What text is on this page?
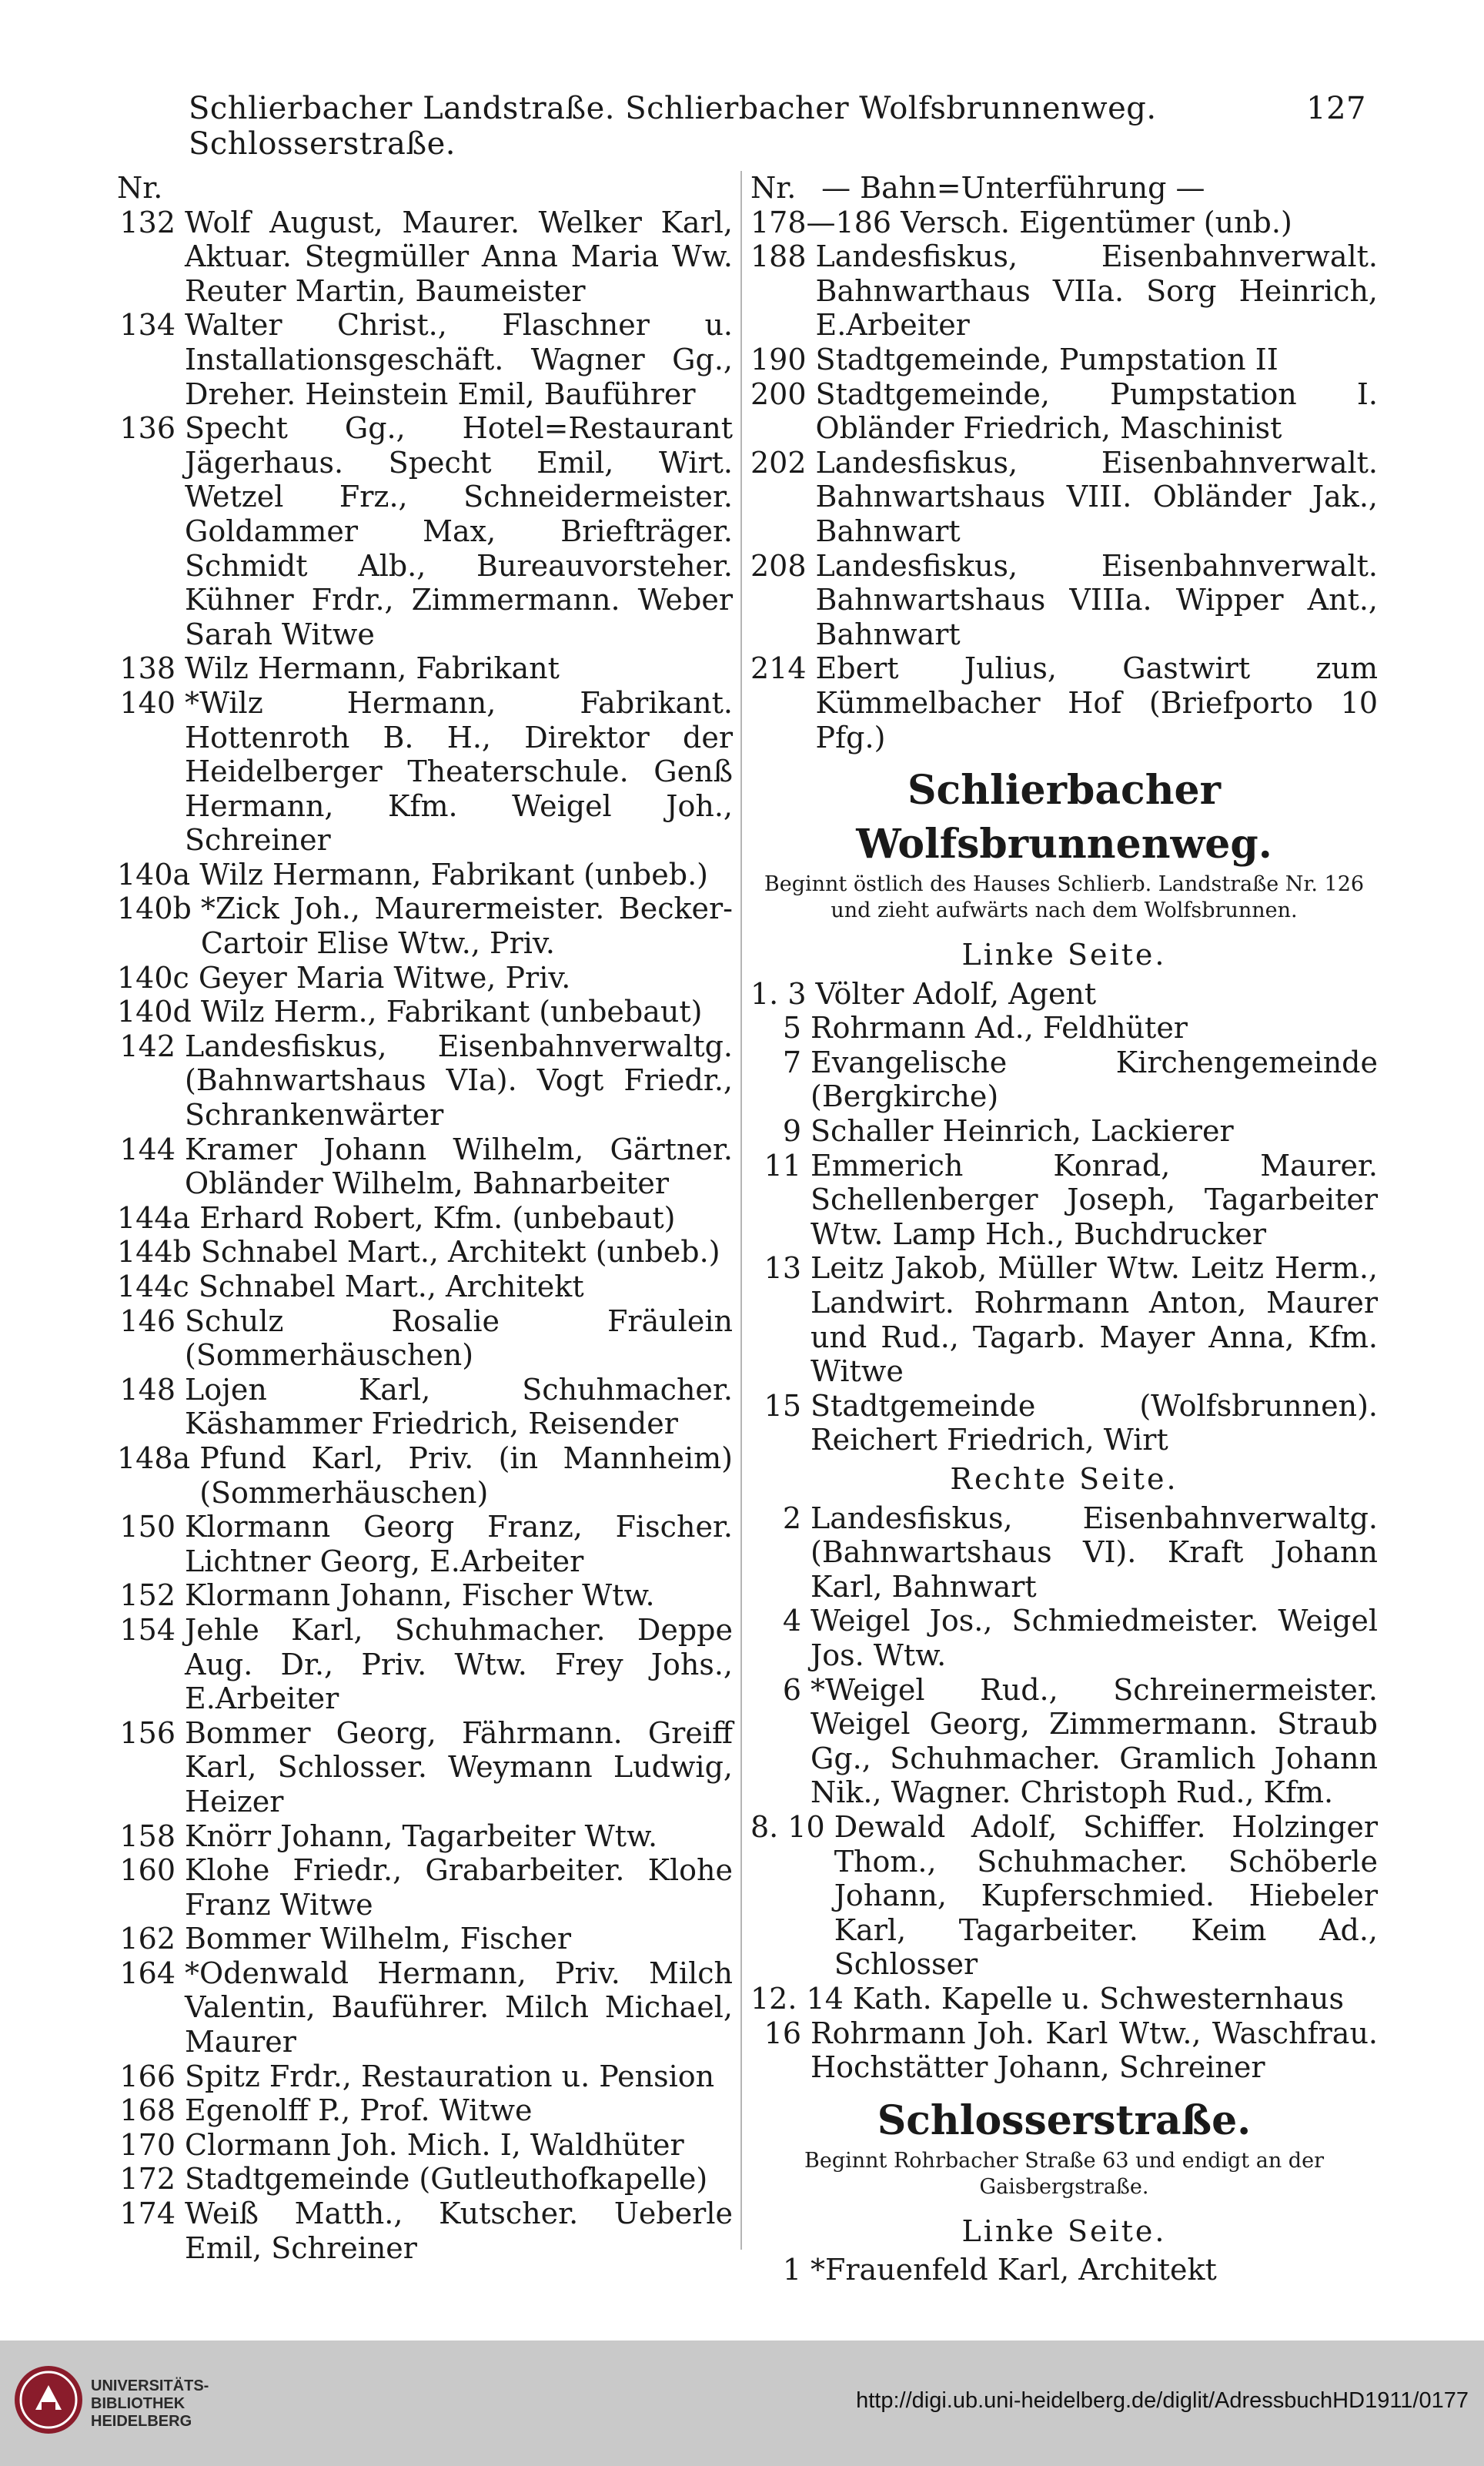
Schlierbacher Landstraße. Schlierbacher Wolfsbrunnenweg. Schlosserstraße.
127
Nr.
132 Wolf August, Maurer. Welker Karl, Aktuar. Stegmüller Anna Maria Ww. Reuter Martin, Baumeister
134 Walter Christ., Flaschner u. Installationsgeschäft. Wagner Gg., Dreher. Heinstein Emil, Bauführer
136 Specht Gg., Hotel=Restaurant Jägerhaus. Specht Emil, Wirt. Wetzel Frz., Schneidermeister. Goldammer Max, Briefträger. Schmidt Alb., Bureauvorsteher. Kühner Frdr., Zimmermann. Weber Sarah Witwe
138 Wilz Hermann, Fabrikant
140 *Wilz Hermann, Fabrikant. Hottenroth B. H., Direktor der Heidelberger Theaterschule. Genß Hermann, Kfm. Weigel Joh., Schreiner
140a Wilz Hermann, Fabrikant (unbeb.)
140b *Zick Joh., Maurermeister. Becker-Cartoir Elise Wtw., Priv.
140c Geyer Maria Witwe, Priv.
140d Wilz Herm., Fabrikant (unbebaut)
142 Landesfiskus, Eisenbahnverwaltg. (Bahnwartshaus VIa). Vogt Friedr., Schrankenwärter
144 Kramer Johann Wilhelm, Gärtner. Obländer Wilhelm, Bahnarbeiter
144a Erhard Robert, Kfm. (unbebaut)
144b Schnabel Mart., Architekt (unbeb.)
144c Schnabel Mart., Architekt
146 Schulz Rosalie Fräulein (Sommerhäuschen)
148 Lojen Karl, Schuhmacher. Käshammer Friedrich, Reisender
148a Pfund Karl, Priv. (in Mannheim) (Sommerhäuschen)
150 Klormann Georg Franz, Fischer. Lichtner Georg, E.Arbeiter
152 Klormann Johann, Fischer Wtw.
154 Jehle Karl, Schuhmacher. Deppe Aug. Dr., Priv. Wtw. Frey Johs., E.Arbeiter
156 Bommer Georg, Fährmann. Greiff Karl, Schlosser. Weymann Ludwig, Heizer
158 Knörr Johann, Tagarbeiter Wtw.
160 Klohe Friedr., Grabarbeiter. Klohe Franz Witwe
162 Bommer Wilhelm, Fischer
164 *Odenwald Hermann, Priv. Milch Valentin, Bauführer. Milch Michael, Maurer
166 Spitz Frdr., Restauration u. Pension
168 Egenolff P., Prof. Witwe
170 Clormann Joh. Mich. I, Waldhüter
172 Stadtgemeinde (Gutleuthofkapelle)
174 Weiß Matth., Kutscher. Ueberle Emil, Schreiner
Nr. — Bahn=Unterführung —
178—186 Versch. Eigentümer (unb.)
188 Landesfiskus, Eisenbahnverwalt. Bahnwarthaus VIIa. Sorg Heinrich, E.Arbeiter
190 Stadtgemeinde, Pumpstation II
200 Stadtgemeinde, Pumpstation I. Obländer Friedrich, Maschinist
202 Landesfiskus, Eisenbahnverwalt. Bahnwartshaus VIII. Obländer Jak., Bahnwart
208 Landesfiskus, Eisenbahnverwalt. Bahnwartshaus VIIIa. Wipper Ant., Bahnwart
214 Ebert Julius, Gastwirt zum Kümmelbacher Hof (Briefporto 10 Pfg.)
Schlierbacher Wolfsbrunnenweg.
Beginnt östlich des Hauses Schlierb. Landstraße Nr. 126 und zieht aufwärts nach dem Wolfsbrunnen.
Linke Seite.
1. 3 Völter Adolf, Agent
5 Rohrmann Ad., Feldhüter
7 Evangelische Kirchengemeinde (Bergkirche)
9 Schaller Heinrich, Lackierer
11 Emmerich Konrad, Maurer. Schellenberger Joseph, Tagarbeiter Wtw. Lamp Hch., Buchdrucker
13 Leitz Jakob, Müller Wtw. Leitz Herm., Landwirt. Rohrmann Anton, Maurer und Rud., Tagarb. Mayer Anna, Kfm. Witwe
15 Stadtgemeinde (Wolfsbrunnen). Reichert Friedrich, Wirt
Rechte Seite.
2 Landesfiskus, Eisenbahnverwaltg. (Bahnwartshaus VI). Kraft Johann Karl, Bahnwart
4 Weigel Jos., Schmiedmeister. Weigel Jos. Wtw.
6 *Weigel Rud., Schreinermeister. Weigel Georg, Zimmermann. Straub Gg., Schuhmacher. Gramlich Johann Nik., Wagner. Christoph Rud., Kfm.
8. 10 Dewald Adolf, Schiffer. Holzinger Thom., Schuhmacher. Schöberle Johann, Kupferschmied. Hiebeler Karl, Tagarbeiter. Keim Ad., Schlosser
12. 14 Kath. Kapelle u. Schwesternhaus
16 Rohrmann Joh. Karl Wtw., Waschfrau. Hochstätter Johann, Schreiner
Schlosserstraße.
Beginnt Rohrbacher Straße 63 und endigt an der Gaisbergstraße.
Linke Seite.
1 *Frauenfeld Karl, Architekt
UNIVERSITÄTS-
BIBLIOTHEK
HEIDELBERG
http://digi.ub.uni-heidelberg.de/diglit/AdressbuchHD1911/0177
